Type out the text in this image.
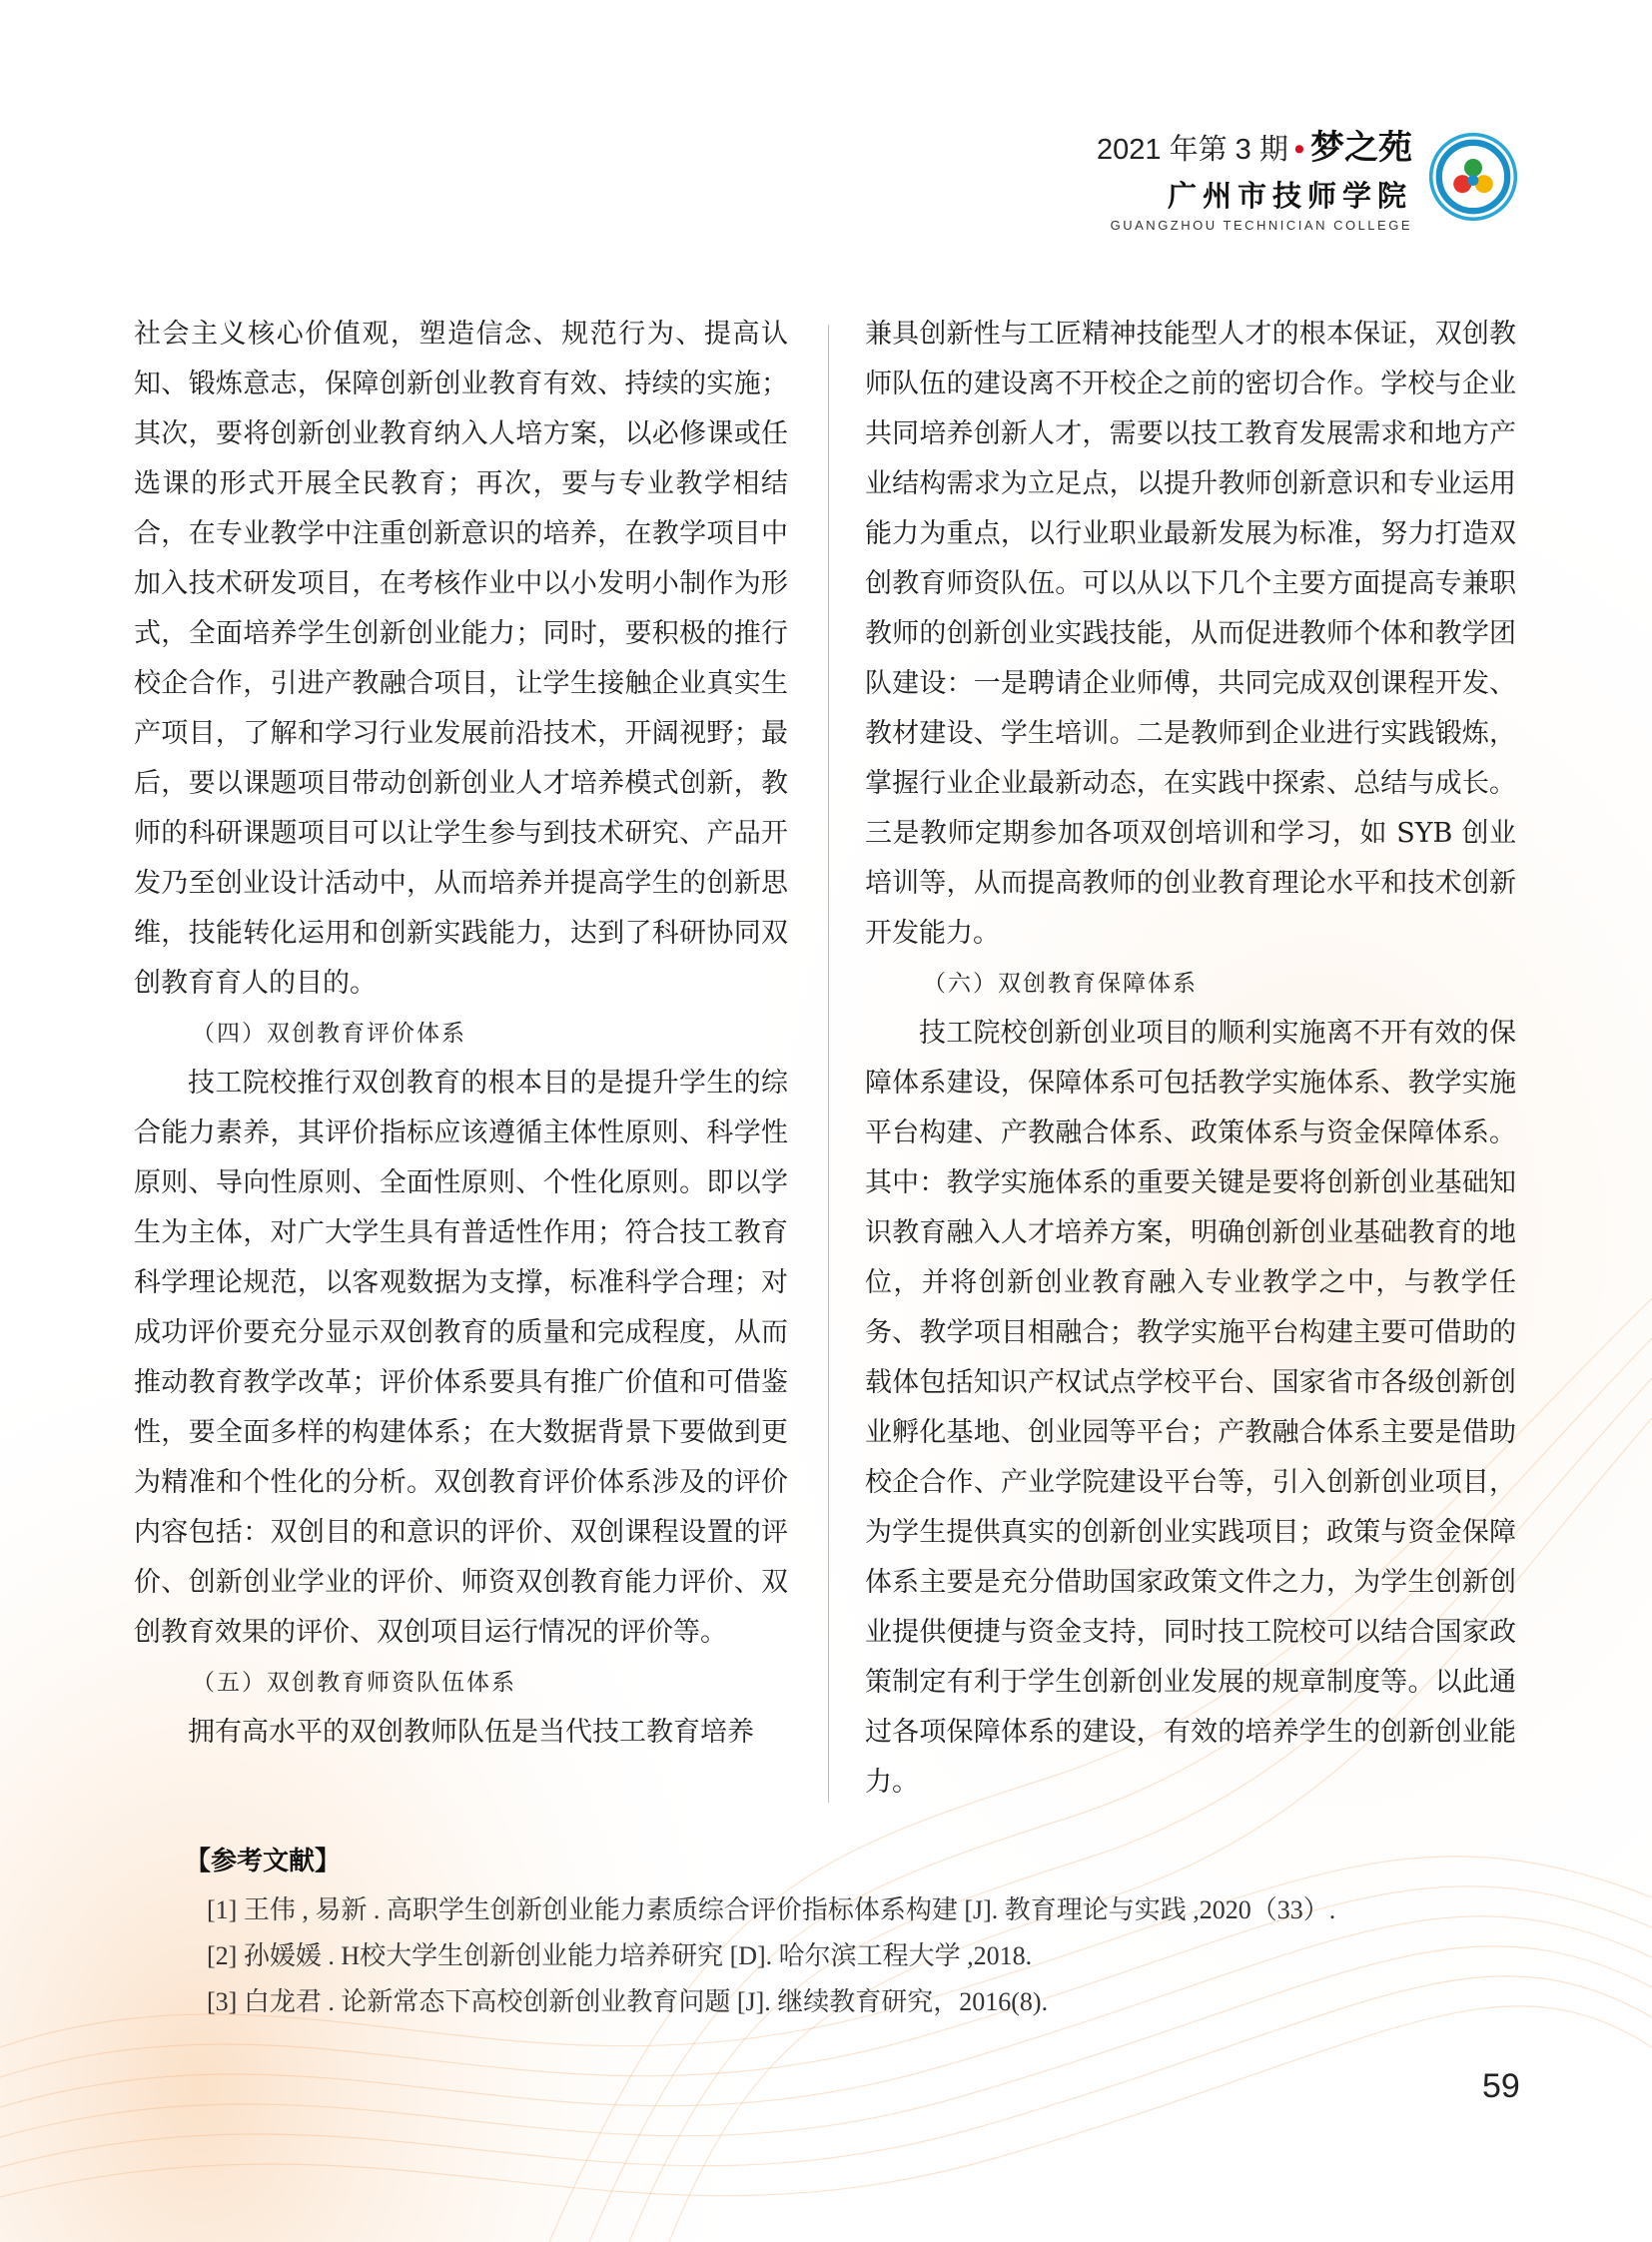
2021 年第 3 期 • 梦之苑
广州市技师学院
GUANGZHOU TECHNICIAN COLLEGE

社会主义核心价值观，塑造信念、规范行为、提高认知、锻炼意志，保障创新创业教育有效、持续的实施；其次，要将创新创业教育纳入人培方案，以必修课或任选课的形式开展全民教育；再次，要与专业教学相结合，在专业教学中注重创新意识的培养，在教学项目中加入技术研发项目，在考核作业中以小发明小制作为形式，全面培养学生创新创业能力；同时，要积极的推行校企合作，引进产教融合项目，让学生接触企业真实生产项目，了解和学习行业发展前沿技术，开阔视野；最后，要以课题项目带动创新创业人才培养模式创新，教师的科研课题项目可以让学生参与到技术研究、产品开发乃至创业设计活动中，从而培养并提高学生的创新思维，技能转化运用和创新实践能力，达到了科研协同双创教育育人的目的。

（四）双创教育评价体系

技工院校推行双创教育的根本目的是提升学生的综合能力素养，其评价指标应该遵循主体性原则、科学性原则、导向性原则、全面性原则、个性化原则。即以学生为主体，对广大学生具有普适性作用；符合技工教育科学理论规范，以客观数据为支撑，标准科学合理；对成功评价要充分显示双创教育的质量和完成程度，从而推动教育教学改革；评价体系要具有推广价值和可借鉴性，要全面多样的构建体系；在大数据背景下要做到更为精准和个性化的分析。双创教育评价体系涉及的评价内容包括：双创目的和意识的评价、双创课程设置的评价、创新创业学业的评价、师资双创教育能力评价、双创教育效果的评价、双创项目运行情况的评价等。

（五）双创教育师资队伍体系

拥有高水平的双创教师队伍是当代技工教育培养

兼具创新性与工匠精神技能型人才的根本保证，双创教师队伍的建设离不开校企之前的密切合作。学校与企业共同培养创新人才，需要以技工教育发展需求和地方产业结构需求为立足点，以提升教师创新意识和专业运用能力为重点，以行业职业最新发展为标准，努力打造双创教育师资队伍。可以从以下几个主要方面提高专兼职教师的创新创业实践技能，从而促进教师个体和教学团队建设：一是聘请企业师傅，共同完成双创课程开发、教材建设、学生培训。二是教师到企业进行实践锻炼，掌握行业企业最新动态，在实践中探索、总结与成长。三是教师定期参加各项双创培训和学习，如 SYB 创业培训等，从而提高教师的创业教育理论水平和技术创新开发能力。

（六）双创教育保障体系

技工院校创新创业项目的顺利实施离不开有效的保障体系建设，保障体系可包括教学实施体系、教学实施平台构建、产教融合体系、政策体系与资金保障体系。其中：教学实施体系的重要关键是要将创新创业基础知识教育融入人才培养方案，明确创新创业基础教育的地位，并将创新创业教育融入专业教学之中，与教学任务、教学项目相融合；教学实施平台构建主要可借助的载体包括知识产权试点学校平台、国家省市各级创新创业孵化基地、创业园等平台；产教融合体系主要是借助校企合作、产业学院建设平台等，引入创新创业项目，为学生提供真实的创新创业实践项目；政策与资金保障体系主要是充分借助国家政策文件之力，为学生创新创业提供便捷与资金支持，同时技工院校可以结合国家政策制定有利于学生创新创业发展的规章制度等。以此通过各项保障体系的建设，有效的培养学生的创新创业能力。

【参考文献】
[1] 王伟 , 易新 . 高职学生创新创业能力素质综合评价指标体系构建 [J]. 教育理论与实践 ,2020（33）.
[2] 孙媛媛 . H校大学生创新创业能力培养研究 [D]. 哈尔滨工程大学 ,2018.
[3] 白龙君 . 论新常态下高校创新创业教育问题 [J]. 继续教育研究，2016(8).
59
